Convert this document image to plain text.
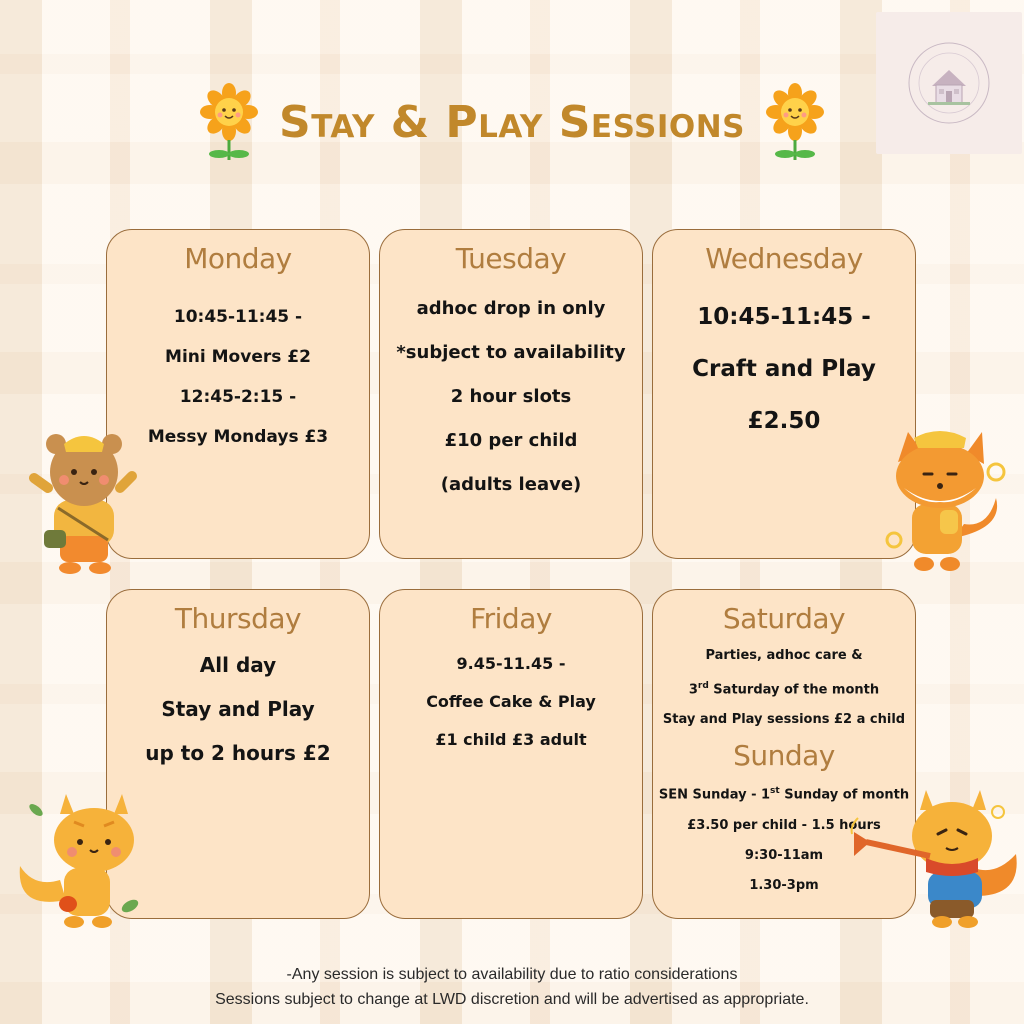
Stay & Play Sessions
Monday
10:45-11:45 -
Mini Movers £2
12:45-2:15 -
Messy Mondays £3
Tuesday
adhoc drop in only
*subject to availability
2 hour slots
£10 per child
(adults leave)
Wednesday
10:45-11:45 -
Craft and Play
£2.50
Thursday
All day
Stay and Play
up to 2 hours £2
Friday
9.45-11.45 -
Coffee Cake & Play
£1 child £3 adult
Saturday
Parties, adhoc care &
3rd Saturday of the month
Stay and Play sessions £2 a child
Sunday
SEN Sunday - 1st Sunday of month
£3.50 per child - 1.5 hours
9:30-11am
1.30-3pm
-Any session is subject to availability due to ratio considerations
Sessions subject to change at LWD discretion and will be advertised as appropriate.
